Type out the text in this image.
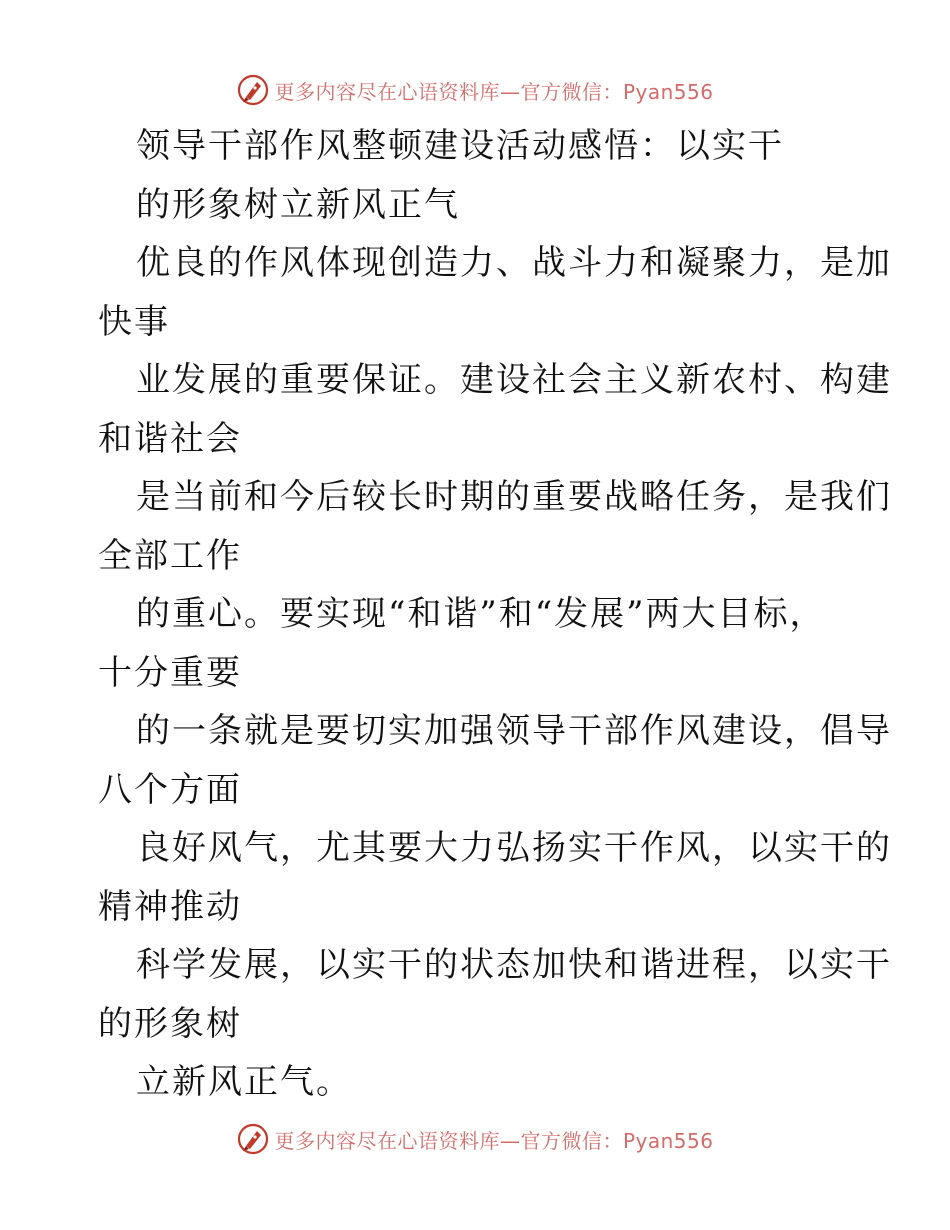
更多内容尽在心语资料库—官方微信：Pyan556
领导干部作风整顿建设活动感悟：以实干
的形象树立新风正气
优良的作风体现创造力、战斗力和凝聚力，是加
快事
业发展的重要保证。建设社会主义新农村、构建
和谐社会
是当前和今后较长时期的重要战略任务，是我们
全部工作
的重心。要实现“和谐”和“发展”两大目标，
十分重要
的一条就是要切实加强领导干部作风建设，倡导
八个方面
良好风气，尤其要大力弘扬实干作风，以实干的
精神推动
科学发展，以实干的状态加快和谐进程，以实干
的形象树
立新风正气。
更多内容尽在心语资料库—官方微信：Pyan556
